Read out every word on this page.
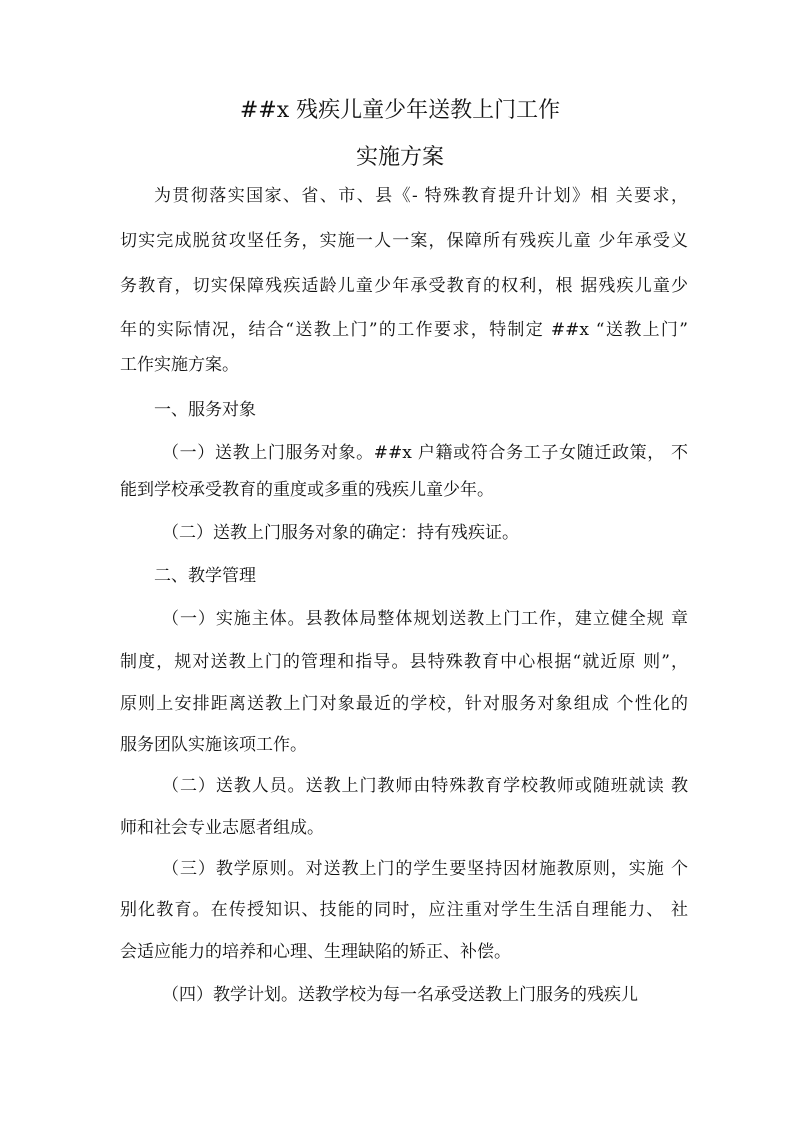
##x 残疾儿童少年送教上门工作
实施方案
为贯彻落实国家、省、市、县《- 特殊教育提升计划》相 关要求，
切实完成脱贫攻坚任务，实施一人一案，保障所有残疾儿童 少年承受义
务教育，切实保障残疾适龄儿童少年承受教育的权利，根 据残疾儿童少
年的实际情况，结合“送教上门”的工作要求，特制定 ##x “送教上门”
工作实施方案。
一、服务对象
（一）送教上门服务对象。##x 户籍或符合务工子女随迁政策， 不
能到学校承受教育的重度或多重的残疾儿童少年。
（二）送教上门服务对象的确定：持有残疾证。
二、教学管理
（一）实施主体。县教体局整体规划送教上门工作，建立健全规 章
制度，规对送教上门的管理和指导。县特殊教育中心根据“就近原 则”，
原则上安排距离送教上门对象最近的学校，针对服务对象组成 个性化的
服务团队实施该项工作。
（二）送教人员。送教上门教师由特殊教育学校教师或随班就读 教
师和社会专业志愿者组成。
（三）教学原则。对送教上门的学生要坚持因材施教原则，实施 个
别化教育。在传授知识、技能的同时，应注重对学生生活自理能力、 社
会适应能力的培养和心理、生理缺陷的矫正、补偿。
（四）教学计划。送教学校为每一名承受送教上门服务的残疾儿
